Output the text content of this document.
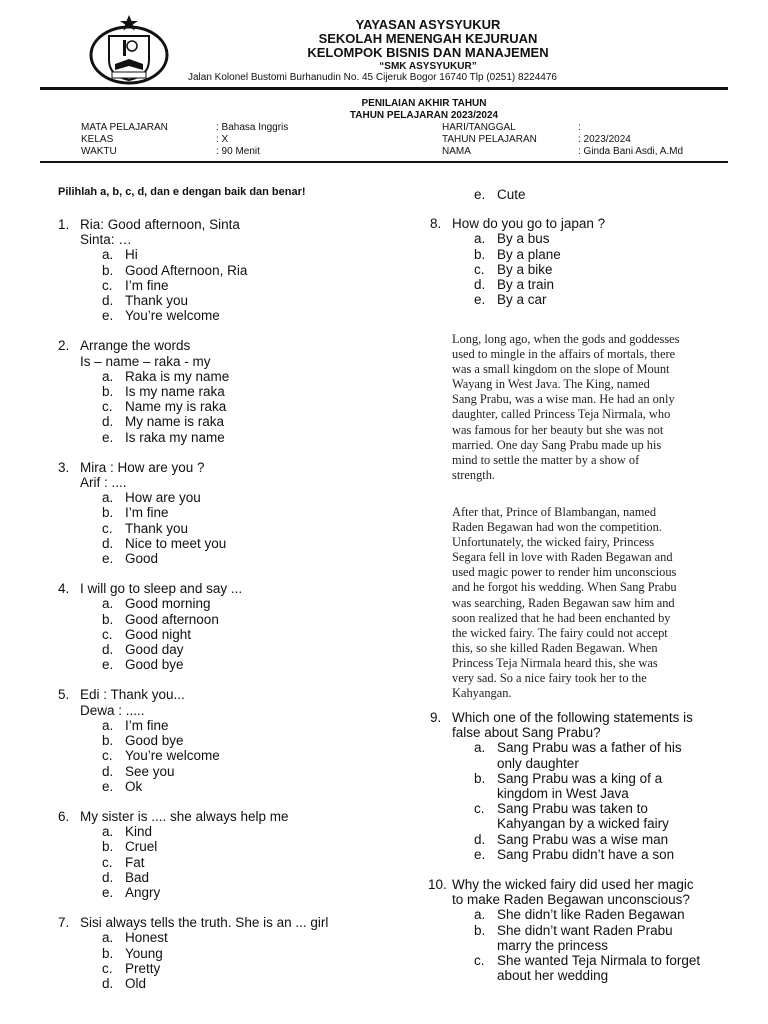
YAYASAN ASYSYUKUR
SEKOLAH MENENGAH KEJURUAN
KELOMPOK BISNIS DAN MANAJEMEN
“SMK ASYSYUKUR”
Jalan Kolonel Bustomi Burhanudin No. 45 Cijeruk Bogor 16740 Tlp (0251) 8224476
PENILAIAN AKHIR TAHUN
TAHUN PELAJARAN 2023/2024
MATA PELAJARAN
KELAS
WAKTU
: Bahasa Inggris
: X
: 90 Menit
HARI/TANGGAL
TAHUN PELAJARAN
NAMA
:
: 2023/2024
: Ginda Bani Asdi, A.Md
Pilihlah a, b, c, d, dan e dengan baik dan benar!
1. Ria: Good afternoon, Sinta
Sinta: …
a. Hi
b. Good Afternoon, Ria
c. I’m fine
d. Thank you
e. You’re welcome
2. Arrange the words
Is – name – raka - my
a. Raka is my name
b. Is my name raka
c. Name my is raka
d. My name is raka
e. Is raka my name
3. Mira : How are you ?
Arif : ....
a. How are you
b. I’m fine
c. Thank you
d. Nice to meet you
e. Good
4. I will go to sleep and say ...
a. Good morning
b. Good afternoon
c. Good night
d. Good day
e. Good bye
5. Edi : Thank you...
Dewa : .....
a. I’m fine
b. Good bye
c. You’re welcome
d. See you
e. Ok
6. My sister is .... she always help me
a. Kind
b. Cruel
c. Fat
d. Bad
e. Angry
7. Sisi always tells the truth. She is an ... girl
a. Honest
b. Young
c. Pretty
d. Old
e. Cute
8. How do you go to japan ?
a. By a bus
b. By a plane
c. By a bike
d. By a train
e. By a car
Long, long ago, when the gods and goddesses
used to mingle in the affairs of mortals, there
was a small kingdom on the slope of Mount
Wayang in West Java. The King, named
Sang Prabu, was a wise man. He had an only
daughter, called Princess Teja Nirmala, who
was famous for her beauty but she was not
married. One day Sang Prabu made up his
mind to settle the matter by a show of
strength.
After that, Prince of Blambangan, named
Raden Begawan had won the competition.
Unfortunately, the wicked fairy, Princess
Segara fell in love with Raden Begawan and
used magic power to render him unconscious
and he forgot his wedding. When Sang Prabu
was searching, Raden Begawan saw him and
soon realized that he had been enchanted by
the wicked fairy. The fairy could not accept
this, so she killed Raden Begawan. When
Princess Teja Nirmala heard this, she was
very sad. So a nice fairy took her to the
Kahyangan.
9. Which one of the following statements is
false about Sang Prabu?
a. Sang Prabu was a father of his
only daughter
b. Sang Prabu was a king of a
kingdom in West Java
c. Sang Prabu was taken to
Kahyangan by a wicked fairy
d. Sang Prabu was a wise man
e. Sang Prabu didn’t have a son
10. Why the wicked fairy did used her magic
to make Raden Begawan unconscious?
a. She didn’t like Raden Begawan
b. She didn’t want Raden Prabu
marry the princess
c. She wanted Teja Nirmala to forget
about her wedding
